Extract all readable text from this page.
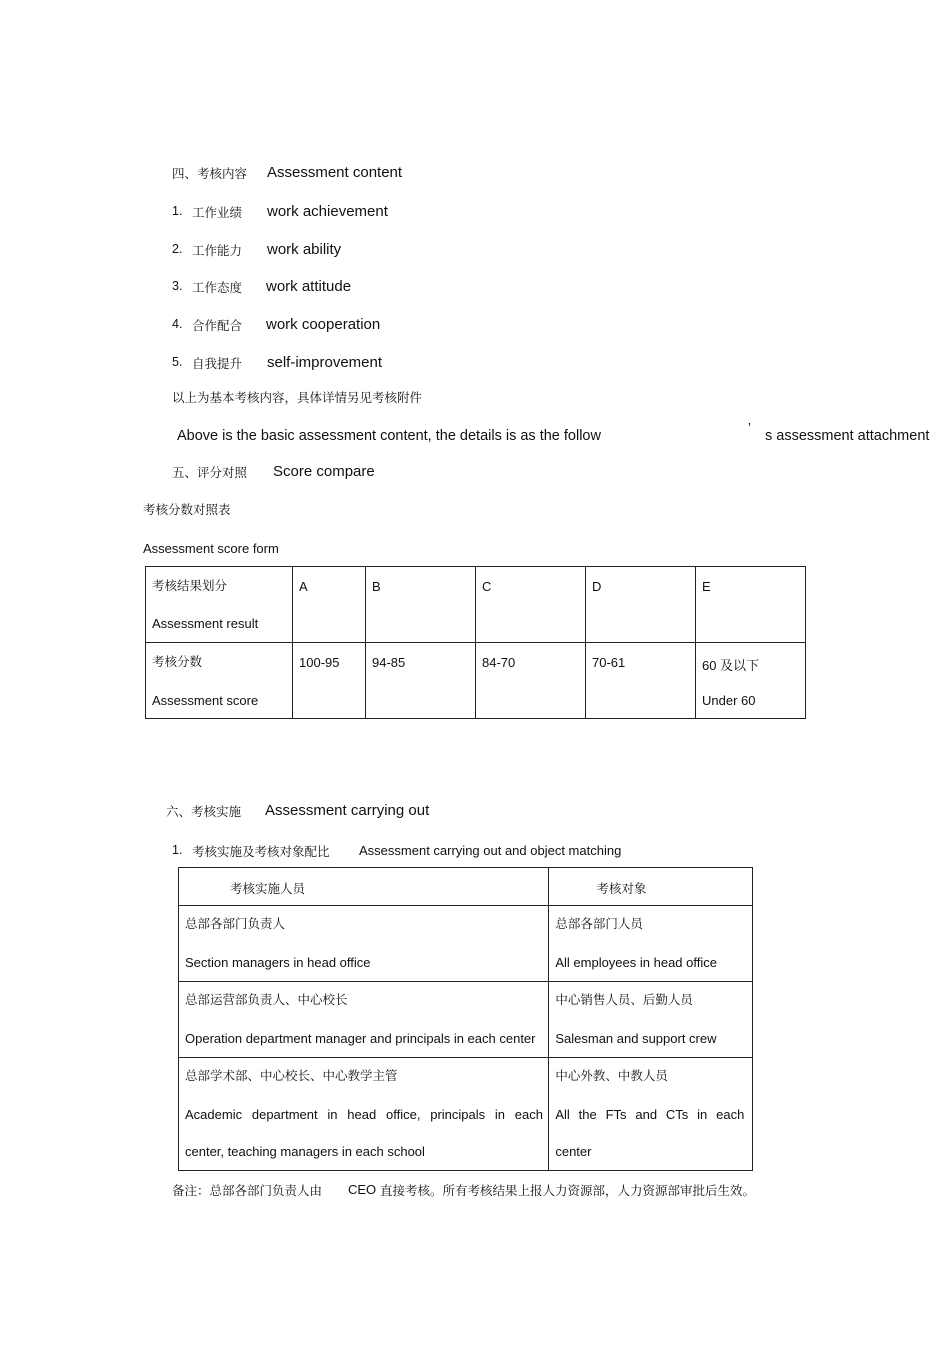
四、考核内容 Assessment content
1. 工作业绩 work achievement
2. 工作能力 work ability
3. 工作态度 work attitude
4. 合作配合 work cooperation
5. 自我提升 self-improvement
以上为基本考核内容，具体详情另见考核附件
Above is the basic assessment content, the details is as the follow
’
s assessment attachment
五、评分对照 Score compare
考核分数对照表
Assessment score form
考核结果划分
Assessment result	A	B	C	D	E

考核分数
Assessment score	100-95	94-85	84-70	70-61	60 及以下
Under 60
六、考核实施 Assessment carrying out
1. 考核实施及考核对象配比 Assessment carrying out and object matching
考核实施人员	考核对象

总部各部门负责人
Section managers in head office	总部各部门人员
All employees in head office

总部运营部负责人、中心校长
Operation department manager and principals in each center	中心销售人员、后勤人员
Salesman and support crew

总部学术部、中心校长、中心教学主管
Academic department in head office, principals in each
center, teaching managers in each school	中心外教、中教人员
All the FTs and CTs in each
center
备注：总部各部门负责人由 CEO 直接考核。所有考核结果上报人力资源部，人力资源部审批后生效。
